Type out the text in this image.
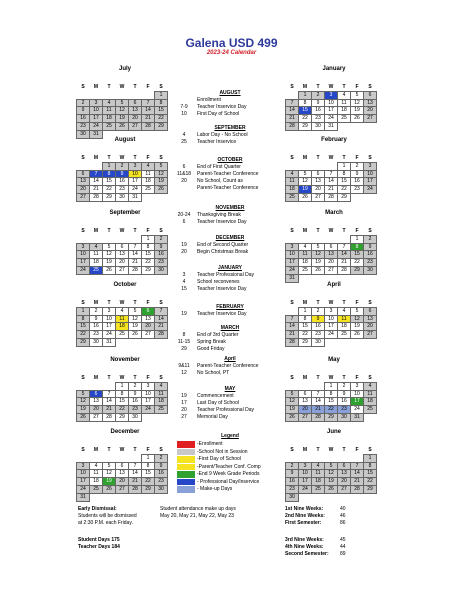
Galena USD 499
2023-24 Calendar
July
S	M	T	W	T	F	S
						1
2	3	4	5	6	7	8
9	10	11	12	13	14	15
16	17	18	19	20	21	22
23	24	25	26	27	28	29
30	31					
August
S	M	T	W	T	F	S
		1	2	3	4	5
6	7	8	9	10	11	12
13	14	15	16	17	18	19
20	21	22	23	24	25	26
27	28	29	30	31		
September
S	M	T	W	T	F	S
					1	2
3	4	5	6	7	8	9
10	11	12	13	14	15	16
17	18	19	20	21	22	23
24	25	26	27	28	29	30
October
S	M	T	W	T	F	S
1	2	3	4	5	6	7
8	9	10	11	12	13	14
15	16	17	18	19	20	21
22	23	24	25	26	27	28
29	30	31				
November
S	M	T	W	T	F	S
			1	2	3	4
5	6	7	8	9	10	11
12	13	14	15	16	17	18
19	20	21	22	23	24	25
26	27	28	29	30		
December
S	M	T	W	T	F	S
					1	2
3	4	5	6	7	8	9
10	11	12	13	14	15	16
17	18	19	20	21	22	23
24	25	26	27	28	29	30
31						
January
S	M	T	W	T	F	S
	1	2	3	4	5	6
7	8	9	10	11	12	13
14	15	16	17	18	19	20
21	22	23	24	25	26	27
28	29	30	31			
February
S	M	T	W	T	F	S
				1	2	3
4	5	6	7	8	9	10
11	12	13	14	15	16	17
18	19	20	21	22	23	24
25	26	27	28	29		
March
S	M	T	W	T	F	S
					1	2
3	4	5	6	7	8	9
10	11	12	13	14	15	16
17	18	19	20	21	22	23
24	25	26	27	28	29	30
31						
April
S	M	T	W	T	F	S
	1	2	3	4	5	6
7	8	9	10	11	12	13
14	15	16	17	18	19	20
21	22	23	24	25	26	27
28	29	30				
May
S	M	T	W	T	F	S
			1	2	3	4
5	6	7	8	9	10	11
12	13	14	15	16	17	18
19	20	21	22	23	24	25
26	27	28	29	30	31	
June
S	M	T	W	T	F	S
						1
2	3	4	5	6	7	8
9	10	11	12	13	14	15
16	17	18	19	20	21	22
23	24	25	26	27	28	29
30						
AUGUST
Enrollment
7-9	Teacher Inservice Day
10	First Day of School
SEPTEMBER
4	Labor Day - No School
25	Teacher Inservice
OCTOBER
6	End of First Quarter
11&18	Parent-Teacher Conference
20	No School, Count as
Parent-Teacher Conference
NOVEMBER
20-24	Thanksgiving Break
6	Teacher Inservice Day
DECEMBER
19	End of Second Quarter
20	Begin Christmas Break
JANUARY
3	Teacher Professional Day
4	School reconvenes
15	Teacher Inservice Day
FEBRUARY
19	Teacher Inservice Day
MARCH
8	End of 3rd Quarter
11-15	Spring Break
29	Good Friday
April
9&11	Parent-Teacher Conference
12	No School, PT
MAY
19	Commencement
17	Last Day of School
20	Teacher Professional Day
27	Memorial Day
Legend
-Enrollment
-School Not in Session
-First Day of School
-Parent/Teacher Conf. Comp
-End 9 Week Grade Periods
- Professional Day/Inservice
- Make-up Days
Early Dismissal:
Students will be dismissed
at 2:30 P.M. each Friday.
Student attendance make up days
May 20, May 21, May 22, May 23
Student Days 175
Teacher Days 184
1st Nine Weeks:	40
2nd Nine Weeks:	46
First Semester:	86
3rd Nine Weeks:	45
4th Nine Weeks:	44
Second Semester: 89
